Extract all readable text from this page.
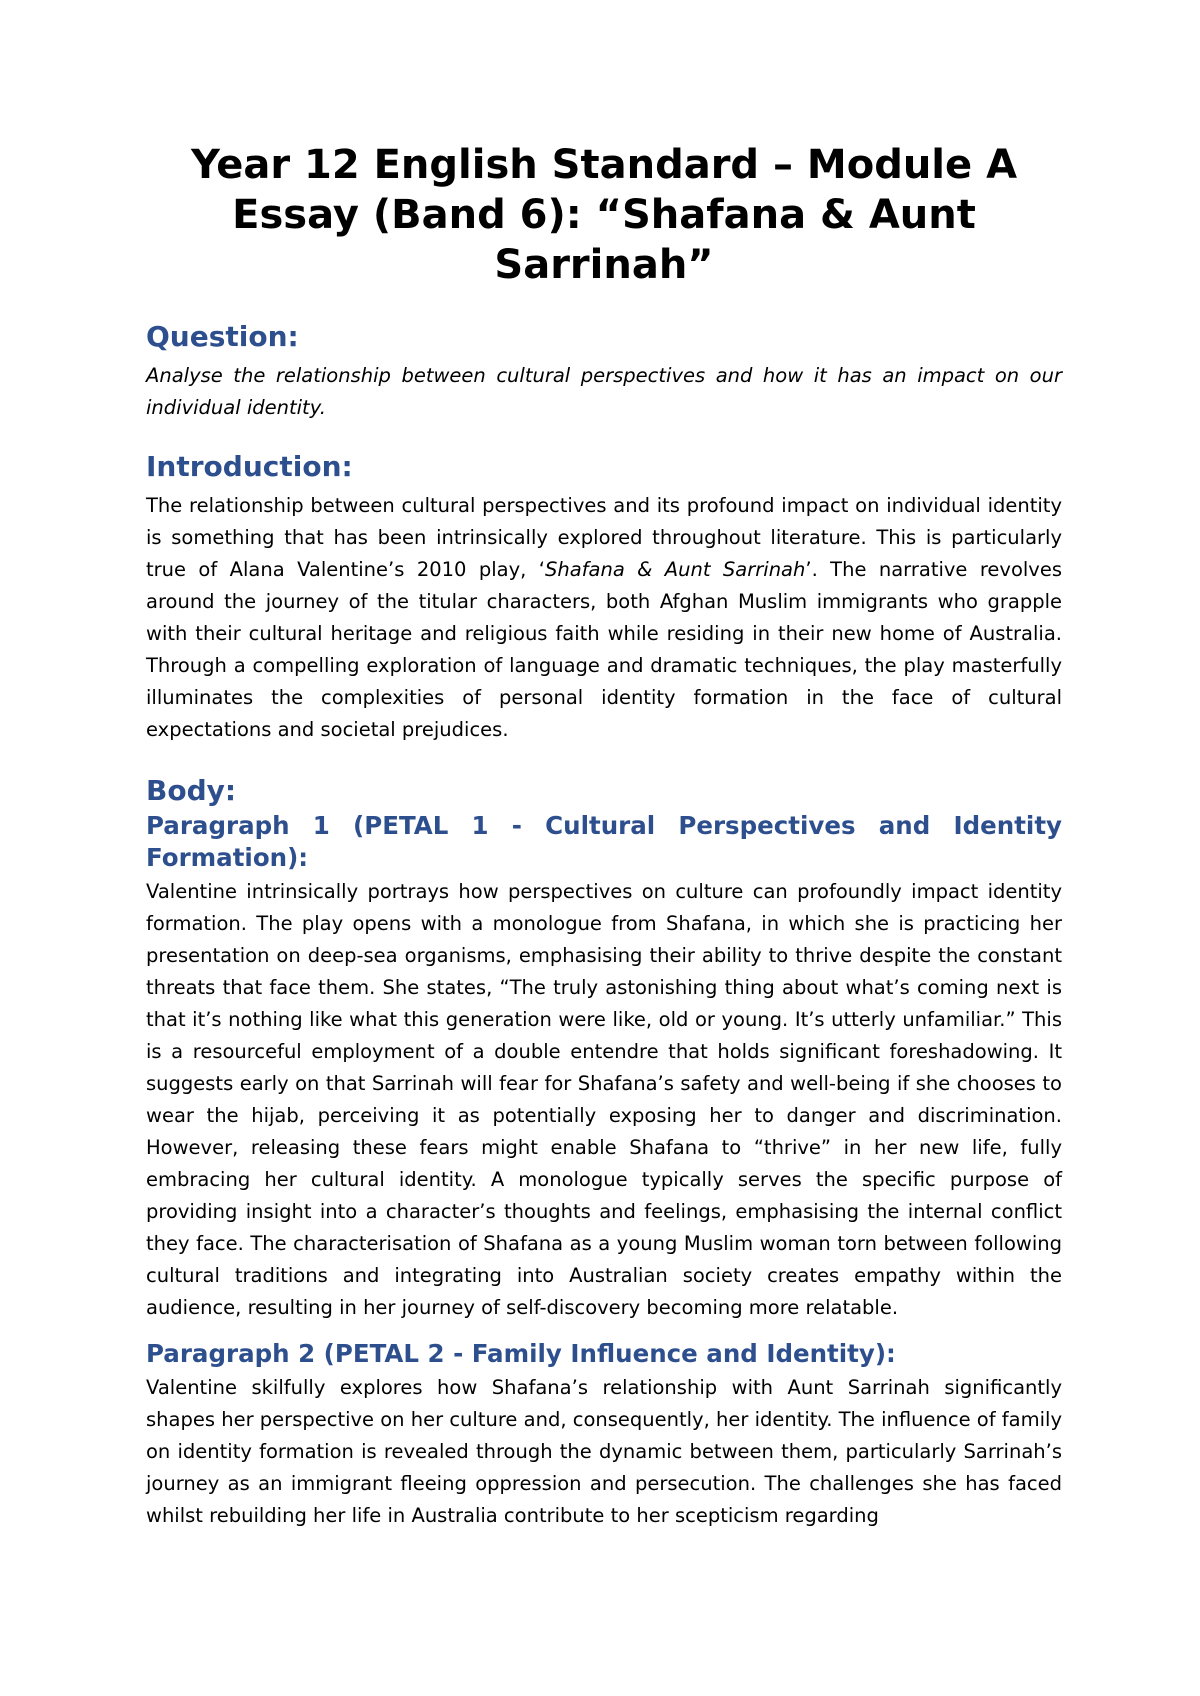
Year 12 English Standard – Module A Essay (Band 6): “Shafana & Aunt Sarrinah”
Question:

Analyse the relationship between cultural perspectives and how it has an impact on our individual identity.

Introduction:

The relationship between cultural perspectives and its profound impact on individual identity is something that has been intrinsically explored throughout literature. This is particularly true of Alana Valentine’s 2010 play, ‘Shafana & Aunt Sarrinah’. The narrative revolves around the journey of the titular characters, both Afghan Muslim immigrants who grapple with their cultural heritage and religious faith while residing in their new home of Australia. Through a compelling exploration of language and dramatic techniques, the play masterfully illuminates the complexities of personal identity formation in the face of cultural expectations and societal prejudices.

Body:
Paragraph 1 (PETAL 1 - Cultural Perspectives and Identity Formation):

Valentine intrinsically portrays how perspectives on culture can profoundly impact identity formation. The play opens with a monologue from Shafana, in which she is practicing her presentation on deep-sea organisms, emphasising their ability to thrive despite the constant threats that face them. She states, “The truly astonishing thing about what’s coming next is that it’s nothing like what this generation were like, old or young. It’s utterly unfamiliar.” This is a resourceful employment of a double entendre that holds significant foreshadowing. It suggests early on that Sarrinah will fear for Shafana’s safety and well-being if she chooses to wear the hijab, perceiving it as potentially exposing her to danger and discrimination. However, releasing these fears might enable Shafana to “thrive” in her new life, fully embracing her cultural identity. A monologue typically serves the specific purpose of providing insight into a character’s thoughts and feelings, emphasising the internal conflict they face. The characterisation of Shafana as a young Muslim woman torn between following cultural traditions and integrating into Australian society creates empathy within the audience, resulting in her journey of self-discovery becoming more relatable.

Paragraph 2 (PETAL 2 - Family Influence and Identity):

Valentine skilfully explores how Shafana’s relationship with Aunt Sarrinah significantly shapes her perspective on her culture and, consequently, her identity. The influence of family on identity formation is revealed through the dynamic between them, particularly Sarrinah’s journey as an immigrant fleeing oppression and persecution. The challenges she has faced whilst rebuilding her life in Australia contribute to her scepticism regarding
